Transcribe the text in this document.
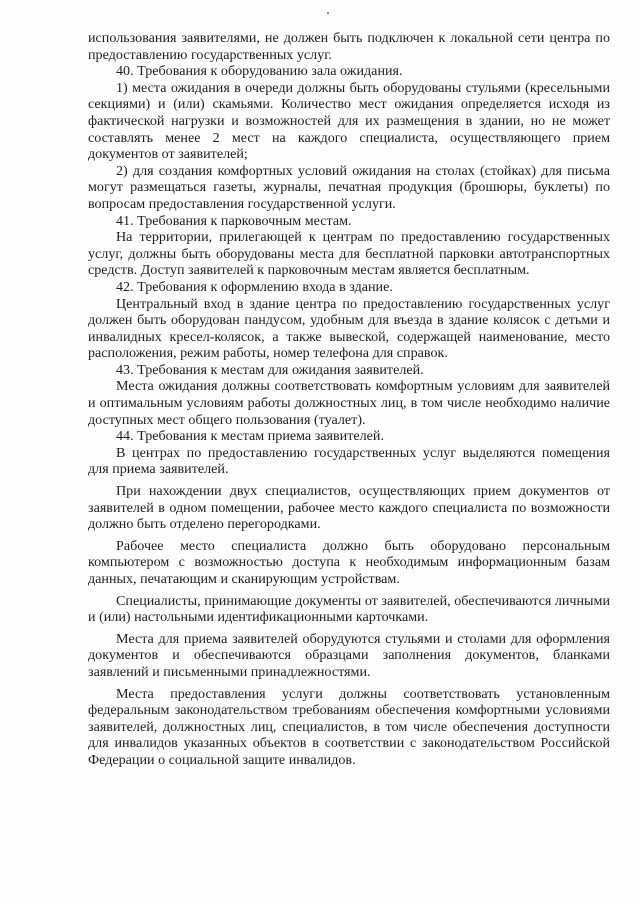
использования заявителями, не должен быть подключен к локальной сети центра по предоставлению государственных услуг.

40. Требования к оборудованию зала ожидания.

1) места ожидания в очереди должны быть оборудованы стульями (кресельными секциями) и (или) скамьями. Количество мест ожидания определяется исходя из фактической нагрузки и возможностей для их размещения в здании, но не может составлять менее 2 мест на каждого специалиста, осуществляющего прием документов от заявителей;

2) для создания комфортных условий ожидания на столах (стойках) для письма могут размещаться газеты, журналы, печатная продукция (брошюры, буклеты) по вопросам предоставления государственной услуги.

41. Требования к парковочным местам.

На территории, прилегающей к центрам по предоставлению государственных услуг, должны быть оборудованы места для бесплатной парковки автотранспортных средств. Доступ заявителей к парковочным местам является бесплатным.

42. Требования к оформлению входа в здание.

Центральный вход в здание центра по предоставлению государственных услуг должен быть оборудован пандусом, удобным для въезда в здание колясок с детьми и инвалидных кресел-колясок, а также вывеской, содержащей наименование, место расположения, режим работы, номер телефона для справок.

43. Требования к местам для ожидания заявителей.

Места ожидания должны соответствовать комфортным условиям для заявителей и оптимальным условиям работы должностных лиц, в том числе необходимо наличие доступных мест общего пользования (туалет).

44. Требования к местам приема заявителей.

В центрах по предоставлению государственных услуг выделяются помещения для приема заявителей.

При нахождении двух специалистов, осуществляющих прием документов от заявителей в одном помещении, рабочее место каждого специалиста по возможности должно быть отделено перегородками.

Рабочее место специалиста должно быть оборудовано персональным компьютером с возможностью доступа к необходимым информационным базам данных, печатающим и сканирующим устройствам.

Специалисты, принимающие документы от заявителей, обеспечиваются личными и (или) настольными идентификационными карточками.

Места для приема заявителей оборудуются стульями и столами для оформления документов и обеспечиваются образцами заполнения документов, бланками заявлений и письменными принадлежностями.

Места предоставления услуги должны соответствовать установленным федеральным законодательством требованиям обеспечения комфортными условиями заявителей, должностных лиц, специалистов, в том числе обеспечения доступности для инвалидов указанных объектов в соответствии с законодательством Российской Федерации о социальной защите инвалидов.
